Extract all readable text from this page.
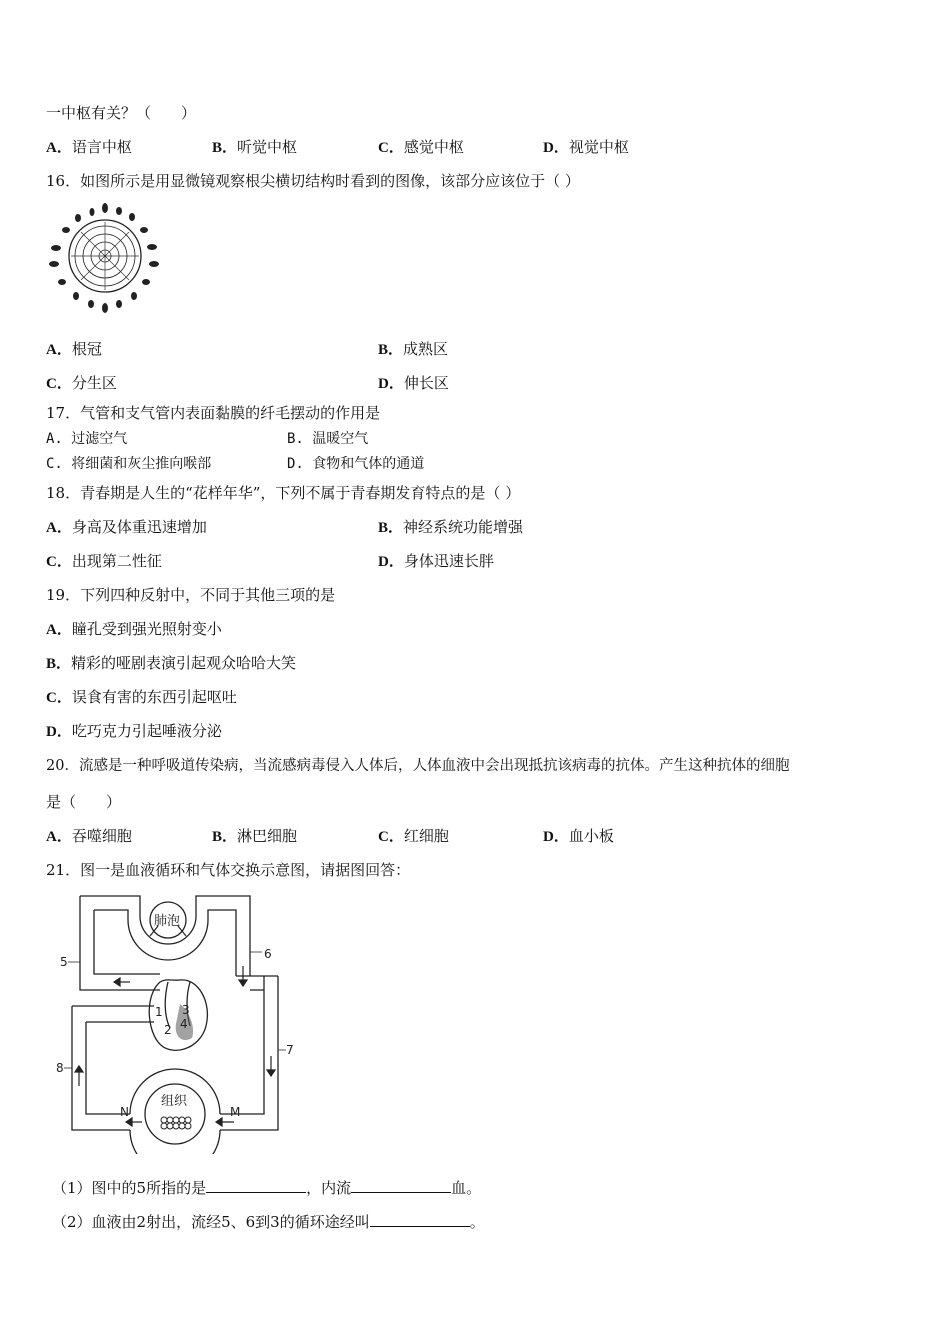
一中枢有关？（　　）
A．语言中枢	B．听觉中枢	C．感觉中枢	D．视觉中枢
16．如图所示是用显微镜观察根尖横切结构时看到的图像，该部分应该位于（ ）
A．根冠	B．成熟区
C．分生区	D．伸长区
17．气管和支气管内表面黏膜的纤毛摆动的作用是
A. 过滤空气	B. 温暖空气
C. 将细菌和灰尘推向喉部	D. 食物和气体的通道
18．青春期是人生的“花样年华”，下列不属于青春期发育特点的是（ ）
A．身高及体重迅速增加	B．神经系统功能增强
C．出现第二性征	D．身体迅速长胖
19．下列四种反射中，不同于其他三项的是
A．瞳孔受到强光照射变小
B．精彩的哑剧表演引起观众哈哈大笑
C．误食有害的东西引起呕吐
D．吃巧克力引起唾液分泌
20．流感是一种呼吸道传染病，当流感病毒侵入人体后，人体血液中会出现抵抗该病毒的抗体。产生这种抗体的细胞
是（　　）
A．吞噬细胞	B．淋巴细胞	C．红细胞	D．血小板
21．图一是血液循环和气体交换示意图，请据图回答：
肺泡
组织
1
2
3
4
5
6
7
8
N	M
（1）图中的5所指的是	，内流	血。
（2）血液由2射出，流经5、6到3的循环途经叫	。
